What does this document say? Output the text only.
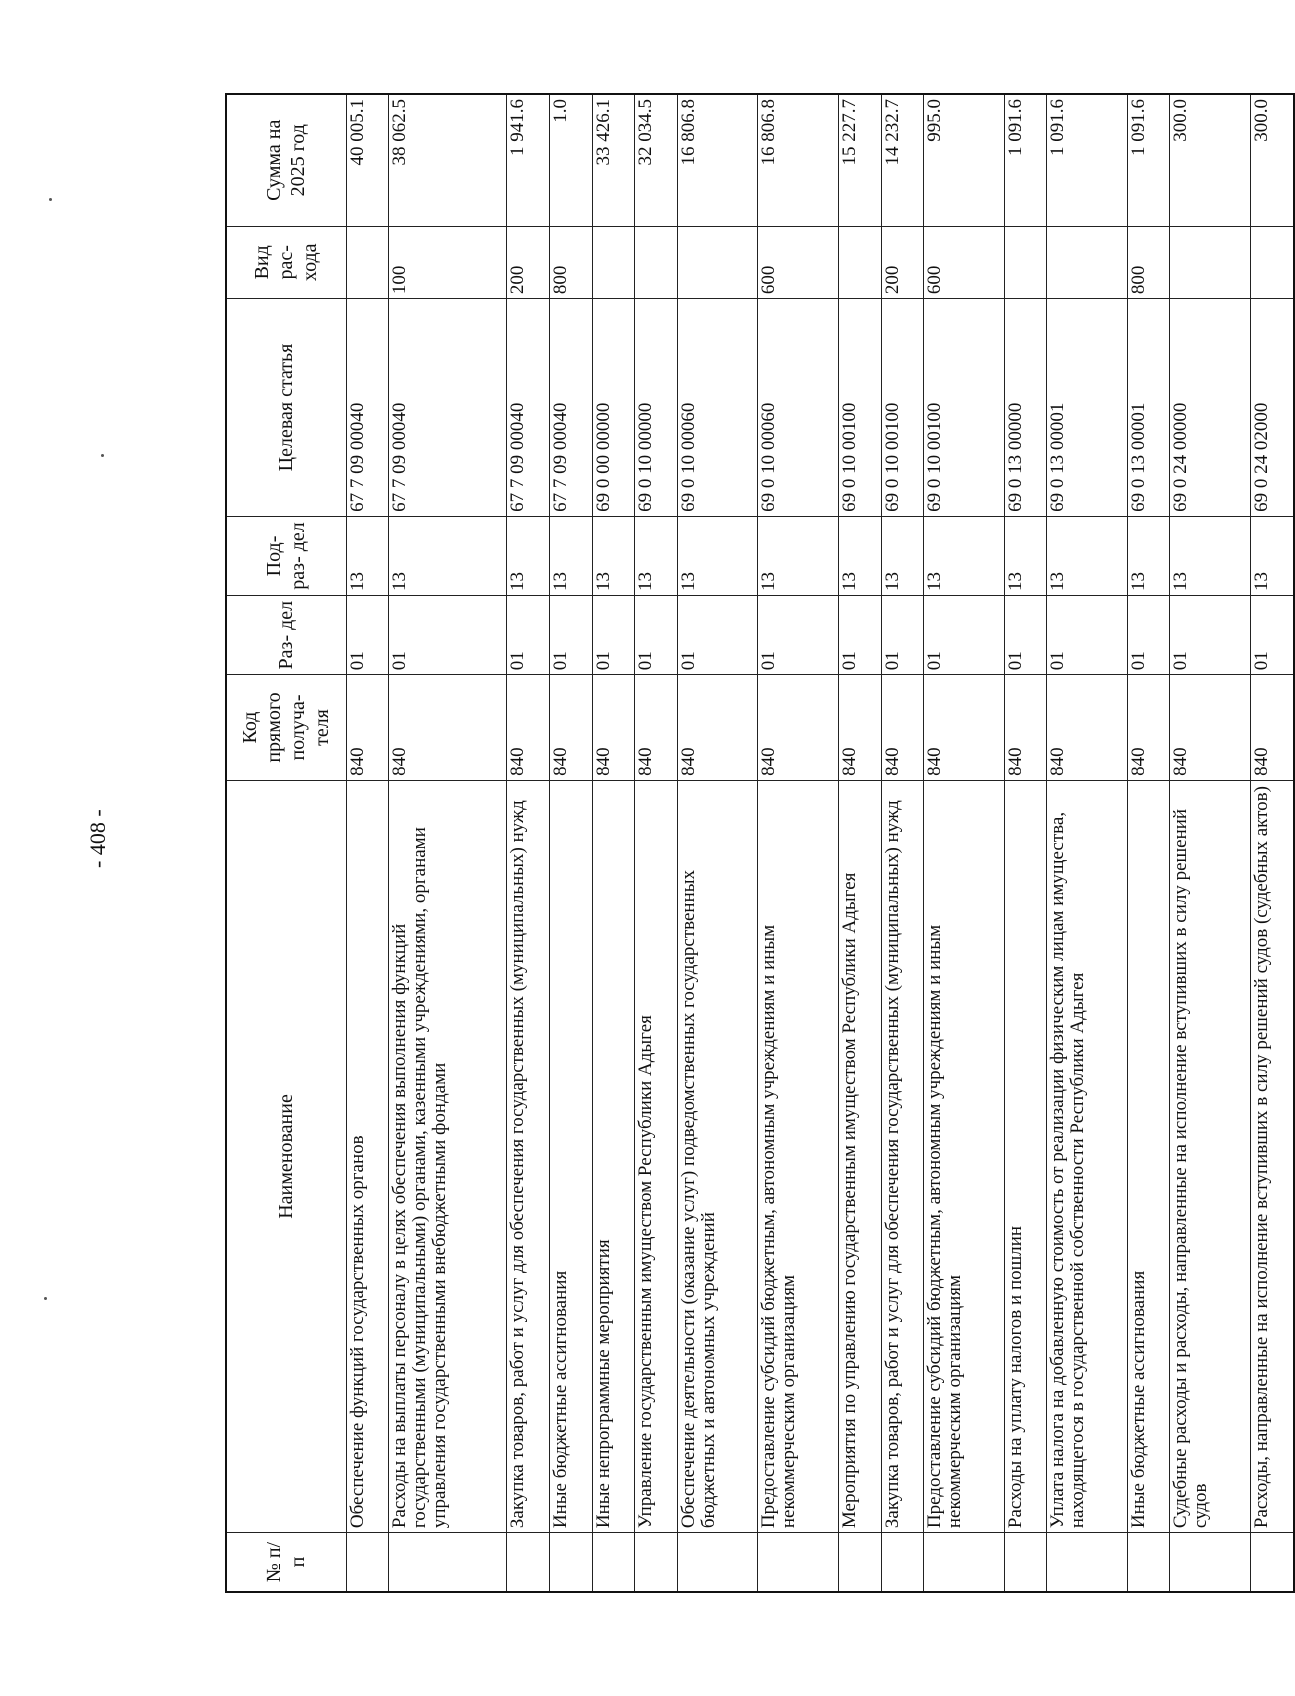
- 408 -
№ п/п	Наименование	Код прямого получа- теля	Раз- дел	Под- раз- дел	Целевая статья	Вид рас- хода	Сумма на 2025 год
	Обеспечение функций государственных органов	840	01	13	67 7 09 00040		40 005.1
	Расходы на выплаты персоналу в целях обеспечения выполнения функций государственными (муниципальными) органами, казенными учреждениями, органами управления государственными внебюджетными фондами	840	01	13	67 7 09 00040	100	38 062.5
	Закупка товаров, работ и услуг для обеспечения государственных (муниципальных) нужд	840	01	13	67 7 09 00040	200	1 941.6
	Иные бюджетные ассигнования	840	01	13	67 7 09 00040	800	1.0
	Иные непрограммные мероприятия	840	01	13	69 0 00 00000		33 426.1
	Управление государственным имуществом Республики Адыгея	840	01	13	69 0 10 00000		32 034.5
	Обеспечение деятельности (оказание услуг) подведомственных государственных бюджетных и автономных учреждений	840	01	13	69 0 10 00060		16 806.8
	Предоставление субсидий бюджетным, автономным учреждениям и иным некоммерческим организациям	840	01	13	69 0 10 00060	600	16 806.8
	Мероприятия по управлению государственным имуществом Республики Адыгея	840	01	13	69 0 10 00100		15 227.7
	Закупка товаров, работ и услуг для обеспечения государственных (муниципальных) нужд	840	01	13	69 0 10 00100	200	14 232.7
	Предоставление субсидий бюджетным, автономным учреждениям и иным некоммерческим организациям	840	01	13	69 0 10 00100	600	995.0
	Расходы на уплату налогов и пошлин	840	01	13	69 0 13 00000		1 091.6
	Уплата налога на добавленную стоимость от реализации физическим лицам имущества, находящегося в государственной собственности Республики Адыгея	840	01	13	69 0 13 00001		1 091.6
	Иные бюджетные ассигнования	840	01	13	69 0 13 00001	800	1 091.6
	Судебные расходы и расходы, направленные на исполнение вступивших в силу решений судов	840	01	13	69 0 24 00000		300.0
	Расходы, направленные на исполнение вступивших в силу решений судов (судебных актов)	840	01	13	69 0 24 02000		300.0
